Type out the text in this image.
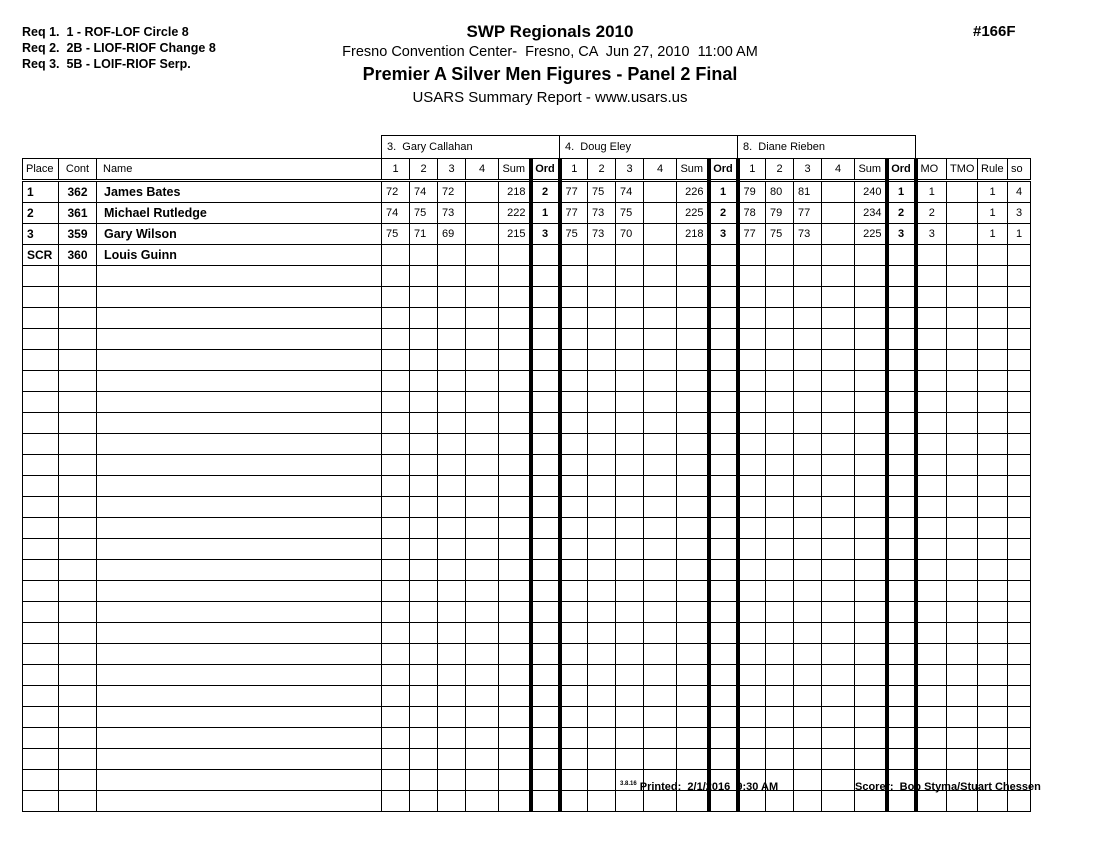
Req 1.  1 - ROF-LOF Circle 8
Req 2.  2B - LIOF-RIOF Change 8
Req 3.  5B - LOIF-RIOF Serp.
SWP Regionals 2010
Fresno Convention Center-  Fresno, CA  Jun 27, 2010  11:00 AM
Premier A Silver Men Figures - Panel 2 Final
USARS Summary Report - www.usars.us
#166F
			3.  Gary Callahan						4.  Doug Eley						8.  Diane Rieben									
Place	Cont	Name	1	2	3	4	Sum	Ord	1	2	3	4	Sum	Ord	1	2	3	4	Sum	Ord	MO	TMO	Rule	so
1	362	James Bates	72	74	72		218	2	77	75	74		226	1	79	80	81		240	1	1		1	4
2	361	Michael Rutledge	74	75	73		222	1	77	73	75		225	2	78	79	77		234	2	2		1	3
3	359	Gary Wilson	75	71	69		215	3	75	73	70		218	3	77	75	73		225	3	3		1	1
SCR	360	Louis Guinn																						

$^{3.8.16}$ Printed:  2/1/2016  9:30 AM	Scorer:  Bob Styma/Stuart Chessen
